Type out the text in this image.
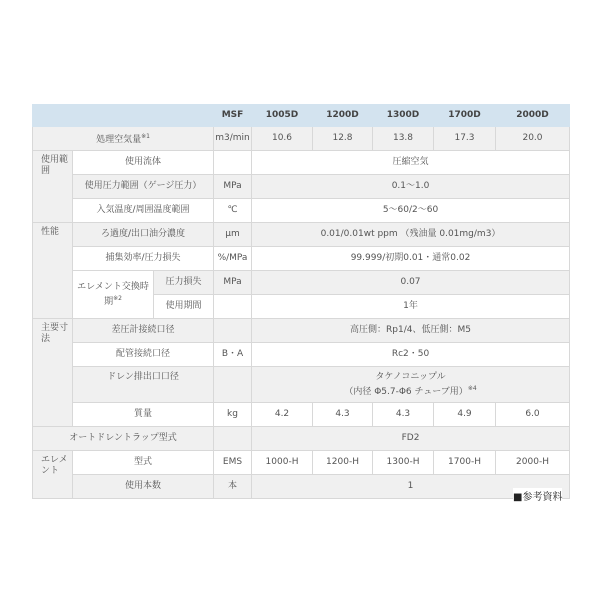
			MSF	1005D	1200D	1300D	1700D	2000D
処理空気量$^{※1}$			m3/min	10.6	12.8	13.8	17.3	20.0
使用範囲	使用流体			圧縮空気				
	使用圧力範囲（ゲージ圧力）		MPa	0.1～1.0				
	入気温度/周囲温度範囲		℃	5～60/2～60				
性能	ろ過度/出口油分濃度		μm	0.01/0.01wt ppm （残油量 0.01mg/m3）				
	捕集効率/圧力損失		%/MPa	99.999/初期0.01・通常0.02				
	エレメント交換時期$^{※2}$	圧力損失	MPa	0.07				
		使用期間		1年				
主要寸法	差圧計接続口径			高圧側：Rp1/4、低圧側：M5				
	配管接続口径		B・A	Rc2・50				
	ドレン排出口口径			タケノコニップル
（内径 Φ5.7-Φ6 チューブ用）$^{※4}$
	質量		kg	4.2	4.3	4.3	4.9	6.0
オートドレントラップ型式				FD2				
エレメント	型式		EMS	1000-H	1200-H	1300-H	1700-H	2000-H
	使用本数		本	1				
■参考資料
